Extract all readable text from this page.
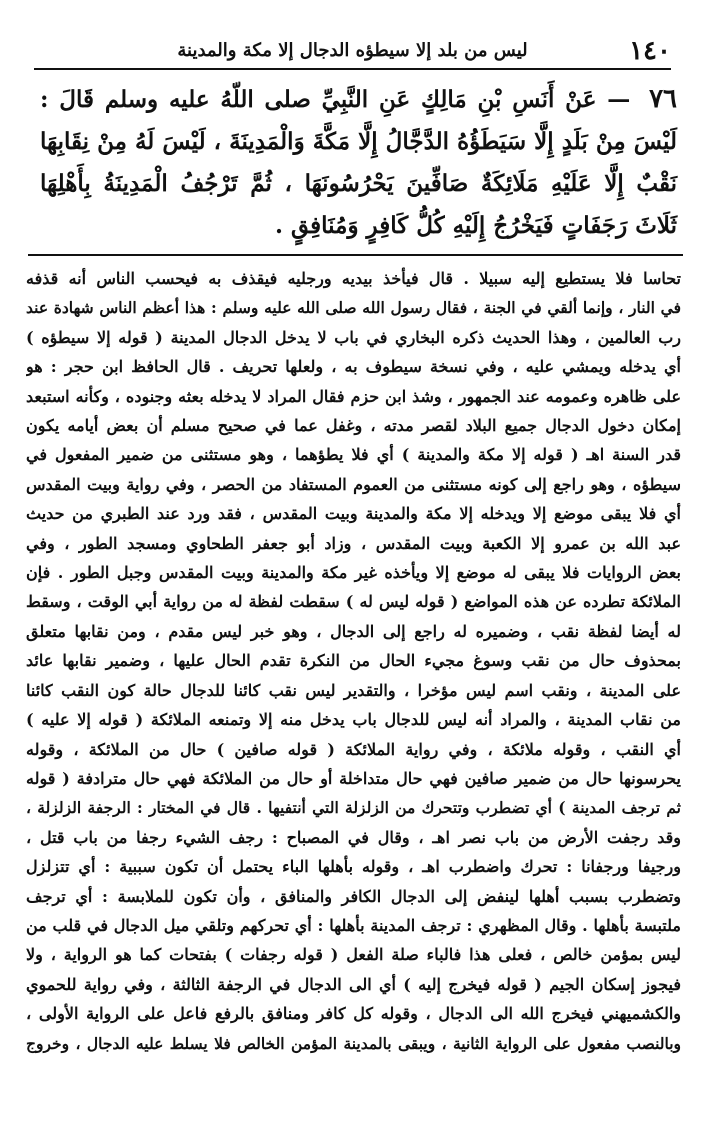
١٤٠
ليس من بلد إلا سيطؤه الدجال إلا مكة والمدينة
٧٦ — عَنْ أَنَسِ بْنِ مَالِكٍ عَنِ النَّبِيِّ صلى اللّهُ عليه وسلم قَالَ : لَيْسَ مِنْ بَلَدٍ إِلَّا سَيَطَؤُهُ الدَّجَّالُ إِلَّا مَكَّةَ وَالْمَدِينَةَ ، لَيْسَ لَهُ مِنْ نِقَابِهَا نَقْبٌ إِلَّا عَلَيْهِ مَلَائِكَةٌ صَافِّينَ يَحْرُسُونَهَا ، ثُمَّ تَرْجُفُ الْمَدِينَةُ بِأَهْلِهَا ثَلَاثَ رَجَفَاتٍ فَيَخْرُجُ إِلَيْهِ كُلُّ كَافِرٍ وَمُنَافِقٍ .

تحاسا فلا يستطيع إليه سبيلا . قال فيأخذ بيديه ورجليه فيقذف به فيحسب الناس أنه قذفه

في النار ، وإنما ألقي في الجنة ، فقال رسول الله صلى الله عليه وسلم : هذا أعظم الناس شهادة عند

رب العالمين ، وهذا الحديث ذكره البخاري في باب لا يدخل الدجال المدينة ( قوله إلا سيطؤه )

أي يدخله ويمشي عليه ، وفي نسخة سيطوف به ، ولعلها تحريف . قال الحافظ ابن حجر : هو

على ظاهره وعمومه عند الجمهور ، وشذ ابن حزم فقال المراد لا يدخله بعثه وجنوده ، وكأنه استبعد

إمكان دخول الدجال جميع البلاد لقصر مدته ، وغفل عما في صحيح مسلم أن بعض أيامه يكون

قدر السنة اهـ ( قوله إلا مكة والمدينة ) أي فلا يطؤهما ، وهو مستثنى من ضمير المفعول في

سيطؤه ، وهو راجع إلى كونه مستثنى من العموم المستفاد من الحصر ، وفي رواية وبيت المقدس

أي فلا يبقى موضع إلا ويدخله إلا مكة والمدينة وبيت المقدس ، فقد ورد عند الطبري من حديث

عبد الله بن عمرو إلا الكعبة وبيت المقدس ، وزاد أبو جعفر الطحاوي ومسجد الطور ، وفي

بعض الروايات فلا يبقى له موضع إلا ويأخذه غير مكة والمدينة وبيت المقدس وجبل الطور . فإن

الملائكة تطرده عن هذه المواضع ( قوله ليس له ) سقطت لفظة له من رواية أبي الوقت ، وسقط

له أيضا لفظة نقب ، وضميره له راجع إلى الدجال ، وهو خبر ليس مقدم ، ومن نقابها متعلق

بمحذوف حال من نقب وسوغ مجيء الحال من النكرة تقدم الحال عليها ، وضمير نقابها عائد

على المدينة ، ونقب اسم ليس مؤخرا ، والتقدير ليس نقب كائنا للدجال حالة كون النقب كائنا

من نقاب المدينة ، والمراد أنه ليس للدجال باب يدخل منه إلا وتمنعه الملائكة ( قوله إلا عليه )

أي النقب ، وقوله ملائكة ، وفي رواية الملائكة ( قوله صافين ) حال من الملائكة ، وقوله

يحرسونها حال من ضمير صافين فهي حال متداخلة أو حال من الملائكة فهي حال مترادفة ( قوله

ثم ترجف المدينة ) أي تضطرب وتتحرك من الزلزلة التي أنتفيها . قال في المختار : الرجفة الزلزلة ،

وقد رجفت الأرض من باب نصر اهـ ، وقال في المصباح : رجف الشيء رجفا من باب قتل ،

ورجيفا ورجفانا : تحرك واضطرب اهـ ، وقوله بأهلها الباء يحتمل أن تكون سببية : أي تتزلزل

وتضطرب بسبب أهلها لينفض إلى الدجال الكافر والمنافق ، وأن تكون للملابسة : أي ترجف

ملتبسة بأهلها . وقال المظهري : ترجف المدينة بأهلها : أي تحركهم وتلقي ميل الدجال في قلب من

ليس بمؤمن خالص ، فعلى هذا فالباء صلة الفعل ( قوله رجفات ) بفتحات كما هو الرواية ، ولا

فيجوز إسكان الجيم ( قوله فيخرج إليه ) أي الى الدجال في الرجفة الثالثة ، وفي رواية للحموي

والكشميهني فيخرج الله الى الدجال ، وقوله كل كافر ومنافق بالرفع فاعل على الرواية الأولى ،

وبالنصب مفعول على الرواية الثانية ، ويبقى بالمدينة المؤمن الخالص فلا يسلط عليه الدجال ، وخروج
